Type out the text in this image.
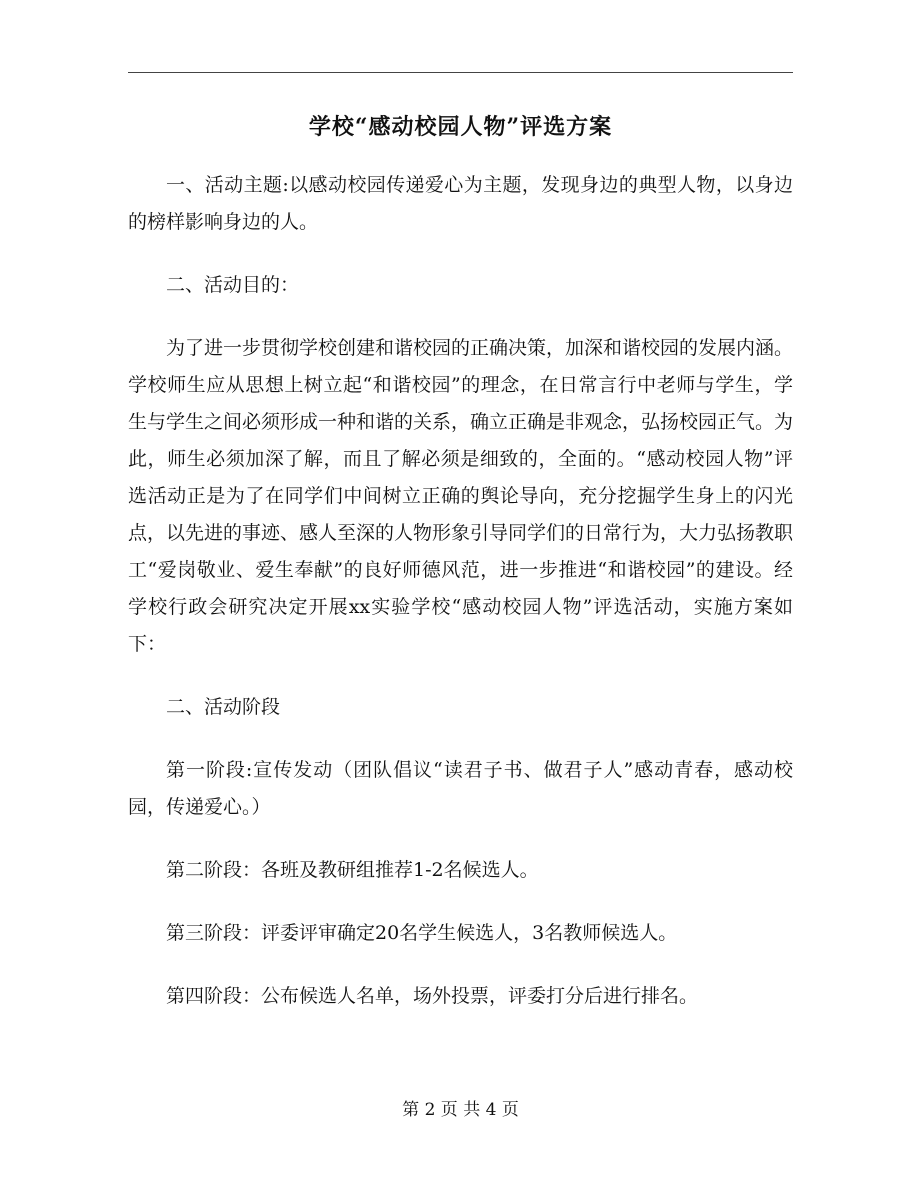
学校“感动校园人物”评选方案

一、活动主题:以感动校园传递爱心为主题，发现身边的典型人物，以身边的榜样影响身边的人。

二、活动目的：

为了进一步贯彻学校创建和谐校园的正确决策，加深和谐校园的发展内涵。学校师生应从思想上树立起“和谐校园”的理念，在日常言行中老师与学生，学生与学生之间必须形成一种和谐的关系，确立正确是非观念，弘扬校园正气。为此，师生必须加深了解，而且了解必须是细致的，全面的。“感动校园人物”评选活动正是为了在同学们中间树立正确的舆论导向，充分挖掘学生身上的闪光点，以先进的事迹、感人至深的人物形象引导同学们的日常行为，大力弘扬教职工“爱岗敬业、爱生奉献”的良好师德风范，进一步推进“和谐校园”的建设。经学校行政会研究决定开展xx实验学校“感动校园人物”评选活动，实施方案如下：

二、活动阶段

第一阶段:宣传发动（团队倡议“读君子书、做君子人”感动青春，感动校园，传递爱心。）

第二阶段：各班及教研组推荐1-2名候选人。

第三阶段：评委评审确定20名学生候选人，3名教师候选人。

第四阶段：公布候选人名单，场外投票，评委打分后进行排名。

第 2 页 共 4 页
